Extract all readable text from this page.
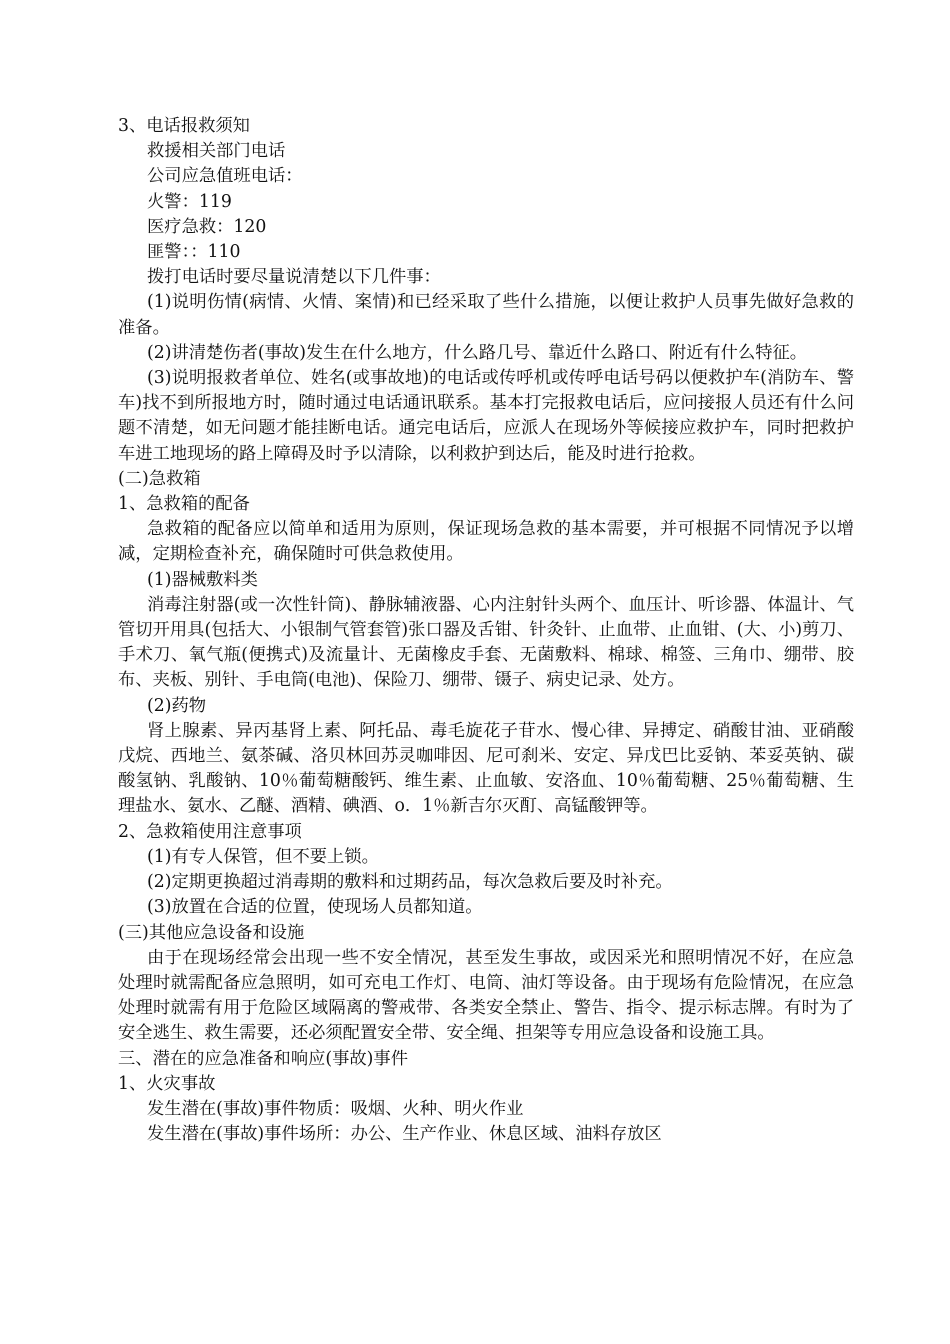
3、电话报救须知

救援相关部门电话

公司应急值班电话：

火警：119

医疗急救：120

匪警：：110

拨打电话时要尽量说清楚以下几件事：

(1)说明伤情(病情、火情、案情)和已经采取了些什么措施，以便让救护人员事先做好急救的准备。

(2)讲清楚伤者(事故)发生在什么地方，什么路几号、靠近什么路口、附近有什么特征。

(3)说明报救者单位、姓名(或事故地)的电话或传呼机或传呼电话号码以便救护车(消防车、警车)找不到所报地方时，随时通过电话通讯联系。基本打完报救电话后，应问接报人员还有什么问题不清楚，如无问题才能挂断电话。通完电话后，应派人在现场外等候接应救护车，同时把救护车进工地现场的路上障碍及时予以清除，以利救护到达后，能及时进行抢救。

(二)急救箱

1、急救箱的配备

急救箱的配备应以简单和适用为原则，保证现场急救的基本需要，并可根据不同情况予以增减，定期检查补充，确保随时可供急救使用。

(1)器械敷料类

消毒注射器(或一次性针筒)、静脉辅液器、心内注射针头两个、血压计、听诊器、体温计、气管切开用具(包括大、小银制气管套管)张口器及舌钳、针灸针、止血带、止血钳、(大、小)剪刀、手术刀、氧气瓶(便携式)及流量计、无菌橡皮手套、无菌敷料、棉球、棉签、三角巾、绷带、胶布、夹板、别针、手电筒(电池)、保险刀、绷带、镊子、病史记录、处方。

(2)药物

肾上腺素、异丙基肾上素、阿托品、毒毛旋花子苷水、慢心律、异搏定、硝酸甘油、亚硝酸戊烷、西地兰、氨茶碱、洛贝林回苏灵咖啡因、尼可刹米、安定、异戊巴比妥钠、苯妥英钠、碳酸氢钠、乳酸钠、10％葡萄糖酸钙、维生素、止血敏、安洛血、10％葡萄糖、25％葡萄糖、生理盐水、氨水、乙醚、酒精、碘酒、o．1％新吉尔灭酊、高锰酸钾等。

2、急救箱使用注意事项

(1)有专人保管，但不要上锁。

(2)定期更换超过消毒期的敷料和过期药品，每次急救后要及时补充。

(3)放置在合适的位置，使现场人员都知道。

(三)其他应急设备和设施

由于在现场经常会出现一些不安全情况，甚至发生事故，或因采光和照明情况不好，在应急处理时就需配备应急照明，如可充电工作灯、电筒、油灯等设备。由于现场有危险情况，在应急处理时就需有用于危险区域隔离的警戒带、各类安全禁止、警告、指令、提示标志牌。有时为了安全逃生、救生需要，还必须配置安全带、安全绳、担架等专用应急设备和设施工具。

三、潜在的应急准备和响应(事故)事件

1、火灾事故

发生潜在(事故)事件物质：吸烟、火种、明火作业

发生潜在(事故)事件场所：办公、生产作业、休息区域、油料存放区
